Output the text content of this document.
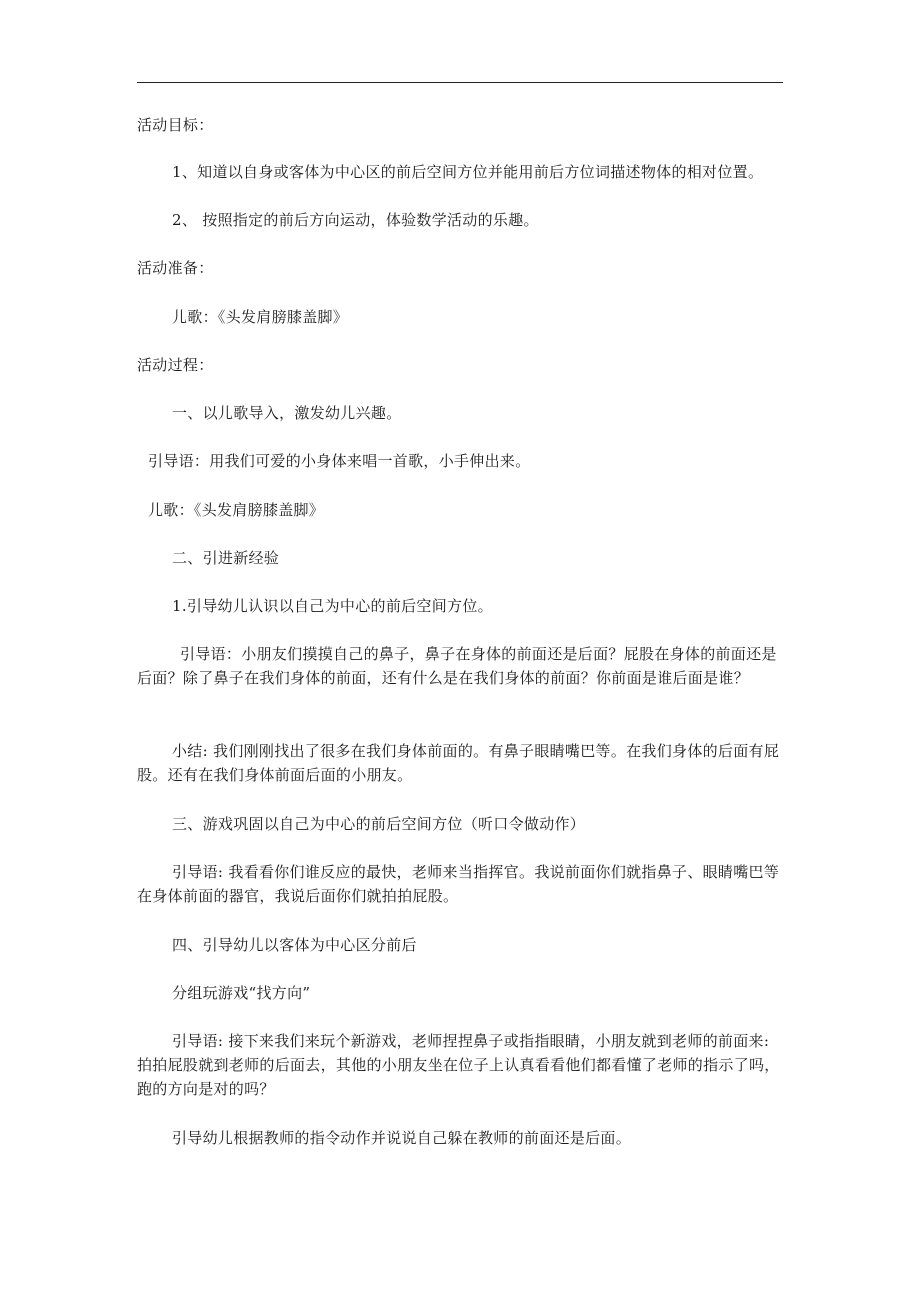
活动目标：
1、知道以自身或客体为中心区的前后空间方位并能用前后方位词描述物体的相对位置。
2、 按照指定的前后方向运动，体验数学活动的乐趣。
活动准备：
儿歌：《头发肩膀膝盖脚》
活动过程：
一、以儿歌导入，激发幼儿兴趣。
引导语：用我们可爱的小身体来唱一首歌，小手伸出来。
儿歌：《头发肩膀膝盖脚》
二、引进新经验
1.引导幼儿认识以自己为中心的前后空间方位。
引导语：小朋友们摸摸自己的鼻子，鼻子在身体的前面还是后面？屁股在身体的前面还是后面？除了鼻子在我们身体的前面，还有什么是在我们身体的前面？你前面是谁后面是谁？
小结: 我们刚刚找出了很多在我们身体前面的。有鼻子眼睛嘴巴等。在我们身体的后面有屁股。还有在我们身体前面后面的小朋友。
三、游戏巩固以自己为中心的前后空间方位（听口令做动作）
引导语: 我看看你们谁反应的最快，老师来当指挥官。我说前面你们就指鼻子、眼睛嘴巴等在身体前面的器官，我说后面你们就拍拍屁股。
四、引导幼儿以客体为中心区分前后
分组玩游戏“找方向”
引导语: 接下来我们来玩个新游戏，老师捏捏鼻子或指指眼睛，小朋友就到老师的前面来: 拍拍屁股就到老师的后面去，其他的小朋友坐在位子上认真看看他们都看懂了老师的指示了吗，跑的方向是对的吗？
引导幼儿根据教师的指令动作并说说自己躲在教师的前面还是后面。
